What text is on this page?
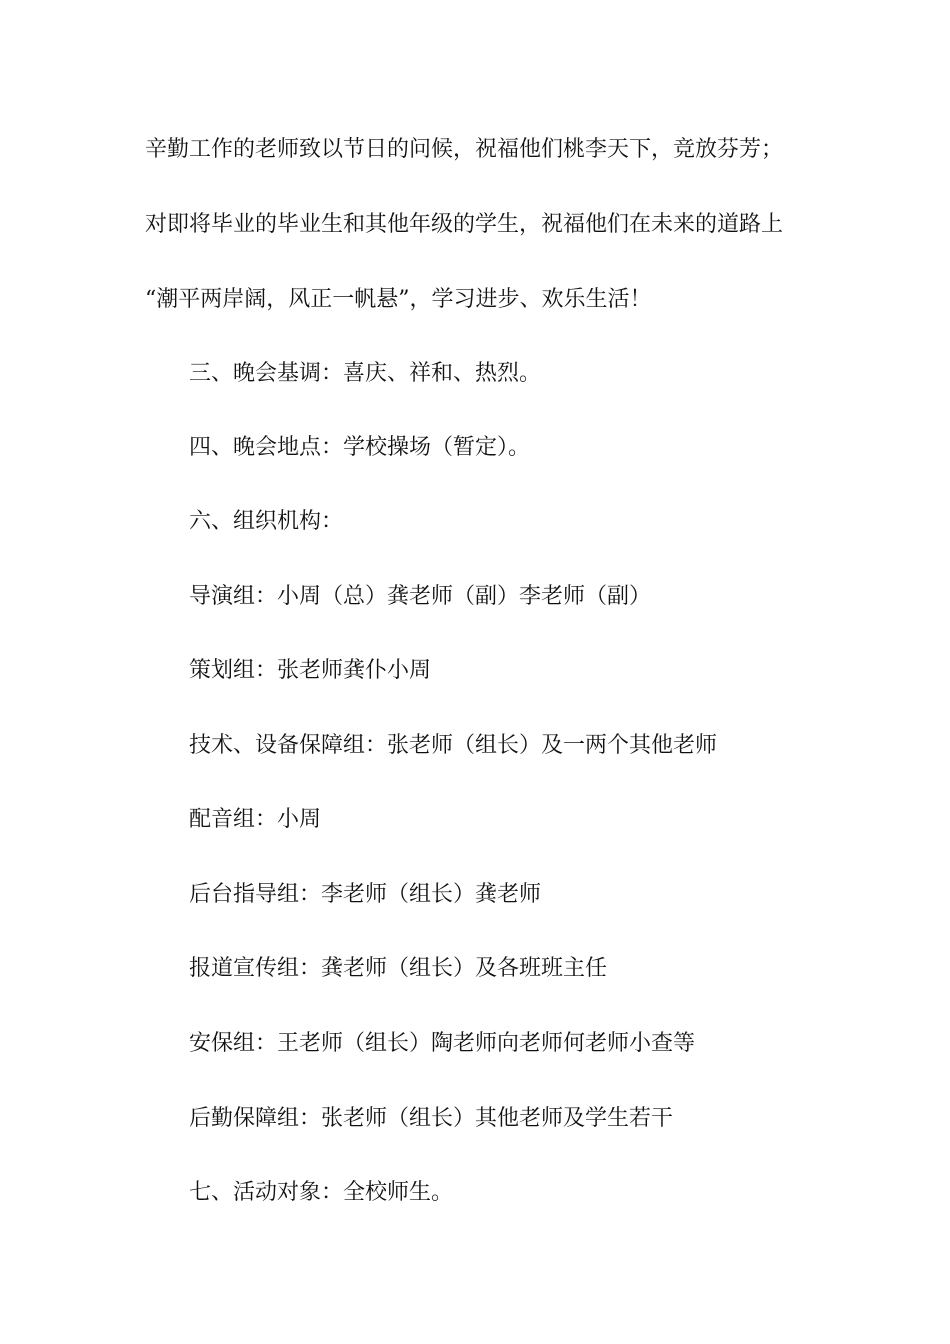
辛勤工作的老师致以节日的问候，祝福他们桃李天下，竞放芬芳；
对即将毕业的毕业生和其他年级的学生，祝福他们在未来的道路上
“潮平两岸阔，风正一帆悬”，学习进步、欢乐生活！
三、晚会基调：喜庆、祥和、热烈。
四、晚会地点：学校操场（暂定）。
六、组织机构：
导演组：小周（总）龚老师（副）李老师（副）
策划组：张老师龚仆小周
技术、设备保障组：张老师（组长）及一两个其他老师
配音组：小周
后台指导组：李老师（组长）龚老师
报道宣传组：龚老师（组长）及各班班主任
安保组：王老师（组长）陶老师向老师何老师小查等
后勤保障组：张老师（组长）其他老师及学生若干
七、活动对象：全校师生。
